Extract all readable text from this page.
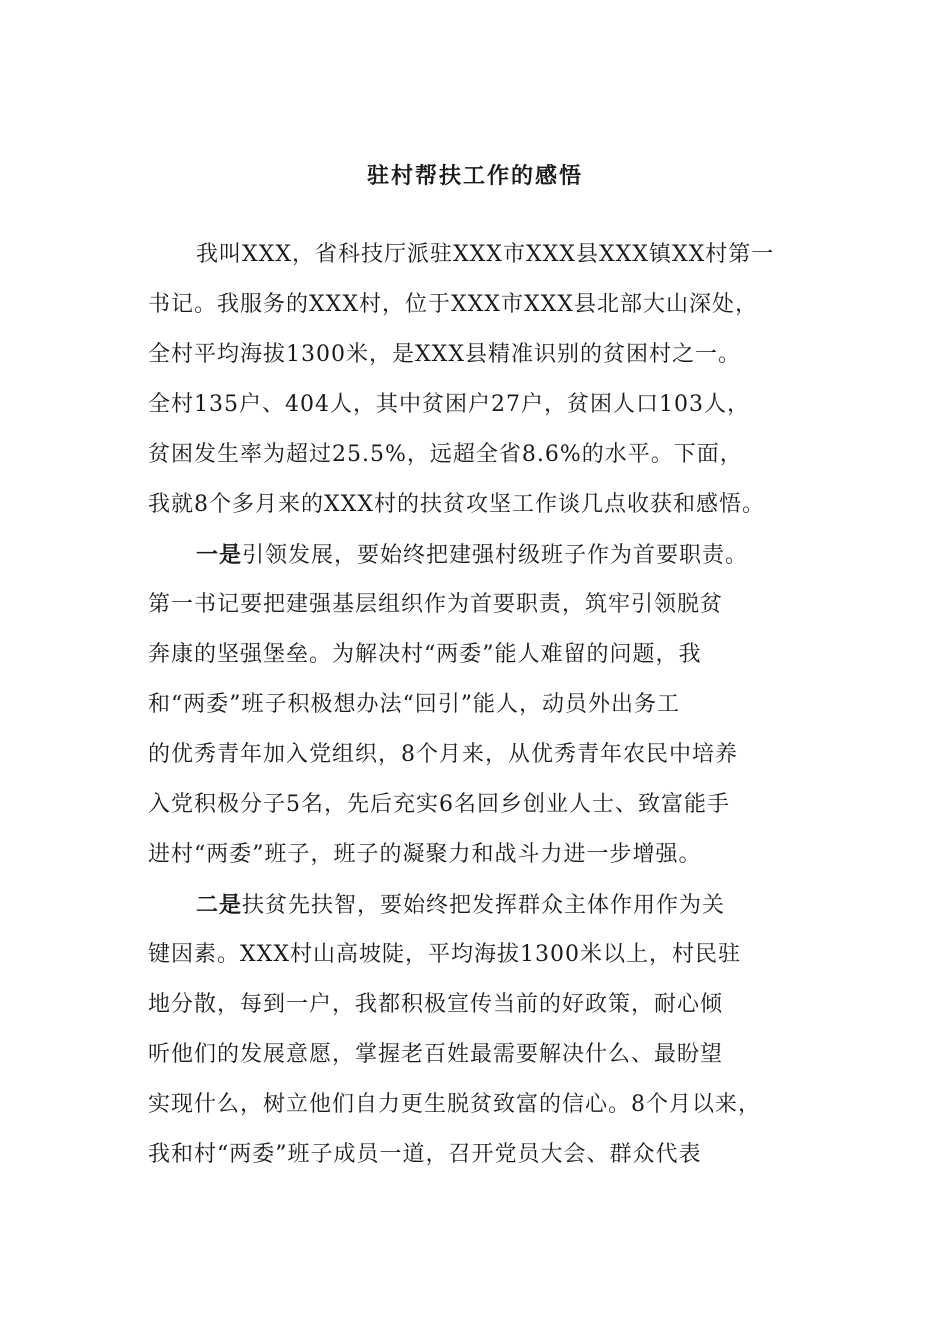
驻村帮扶工作的感悟
我叫XXX，省科技厅派驻XXX市XXX县XXX镇XX村第一
书记。我服务的XXX村，位于XXX市XXX县北部大山深处，
全村平均海拔1300米，是XXX县精准识别的贫困村之一。
全村135户、404人，其中贫困户27户，贫困人口103人，
贫困发生率为超过25.5%，远超全省8.6%的水平。下面，
我就8个多月来的XXX村的扶贫攻坚工作谈几点收获和感悟。
一是引领发展，要始终把建强村级班子作为首要职责。
第一书记要把建强基层组织作为首要职责，筑牢引领脱贫
奔康的坚强堡垒。为解决村“两委”能人难留的问题，我
和“两委”班子积极想办法“回引”能人，动员外出务工
的优秀青年加入党组织，8个月来，从优秀青年农民中培养
入党积极分子5名，先后充实6名回乡创业人士、致富能手
进村“两委”班子，班子的凝聚力和战斗力进一步增强。
二是扶贫先扶智，要始终把发挥群众主体作用作为关
键因素。XXX村山高坡陡，平均海拔1300米以上，村民驻
地分散，每到一户，我都积极宣传当前的好政策，耐心倾
听他们的发展意愿，掌握老百姓最需要解决什么、最盼望
实现什么，树立他们自力更生脱贫致富的信心。8个月以来，
我和村“两委”班子成员一道，召开党员大会、群众代表
